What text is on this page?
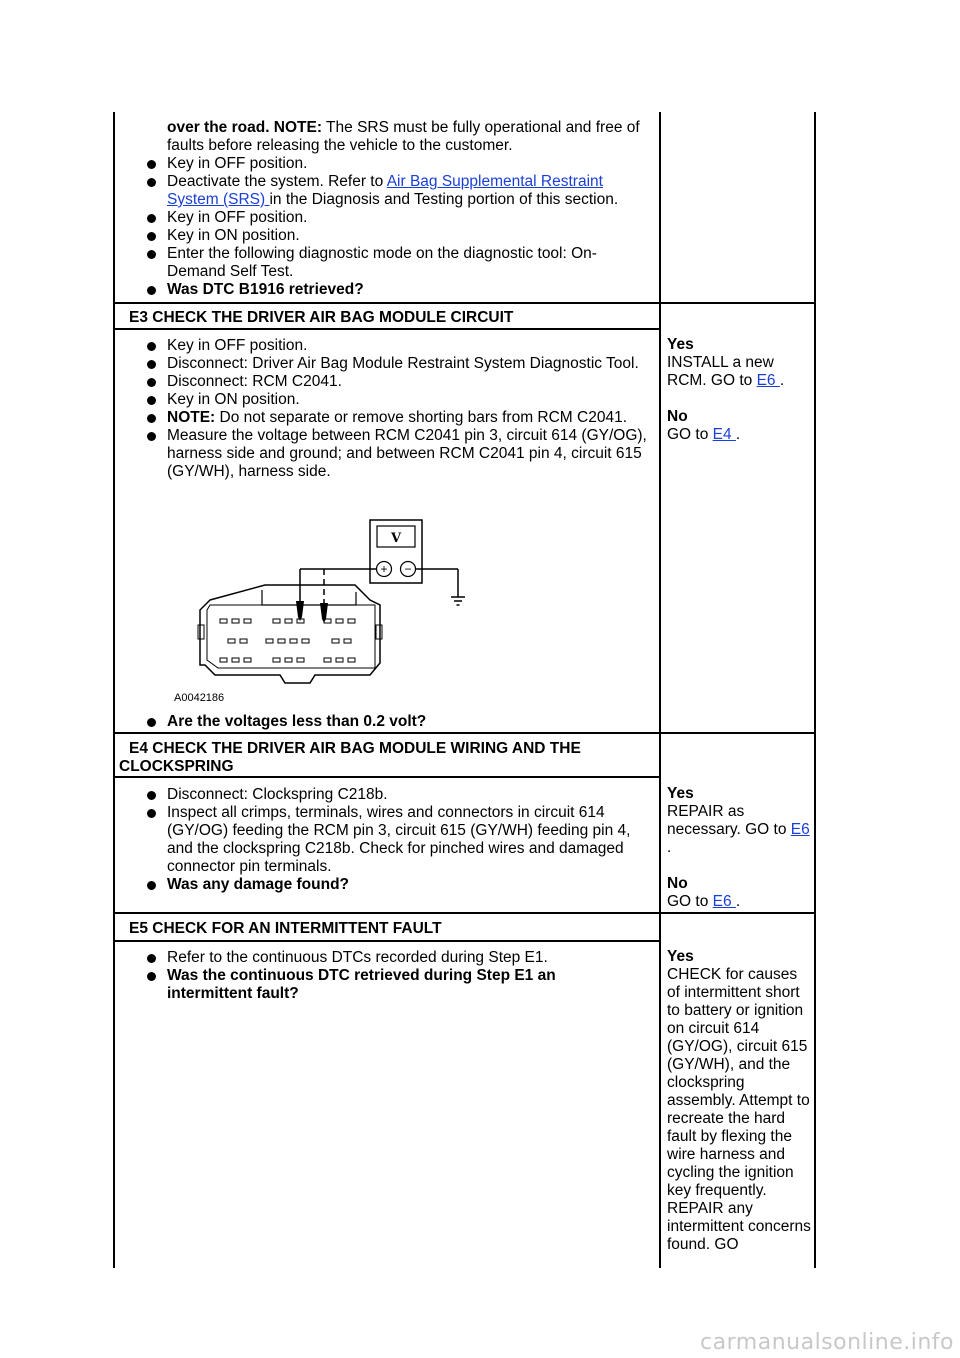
over the road. NOTE: The SRS must be fully operational and free of faults before releasing the vehicle to the customer.
Key in OFF position.
Deactivate the system. Refer to Air Bag Supplemental Restraint System (SRS) in the Diagnosis and Testing portion of this section.
Key in OFF position.
Key in ON position.
Enter the following diagnostic mode on the diagnostic tool: On-Demand Self Test.
Was DTC B1916 retrieved?
E3 CHECK THE DRIVER AIR BAG MODULE CIRCUIT
Key in OFF position.
Disconnect: Driver Air Bag Module Restraint System Diagnostic Tool.
Disconnect: RCM C2041.
Key in ON position.
NOTE: Do not separate or remove shorting bars from RCM C2041.
Measure the voltage between RCM C2041 pin 3, circuit 614 (GY/OG), harness side and ground; and between RCM C2041 pin 4, circuit 615 (GY/WH), harness side.
V
+ −
A0042186
Are the voltages less than 0.2 volt?

Yes

INSTALL a new RCM. GO to E6 .

No

GO to E4 .

E4 CHECK THE DRIVER AIR BAG MODULE WIRING AND THE CLOCKSPRING
Disconnect: Clockspring C218b.
Inspect all crimps, terminals, wires and connectors in circuit 614 (GY/OG) feeding the RCM pin 3, circuit 615 (GY/WH) feeding pin 4, and the clockspring C218b. Check for pinched wires and damaged connector pin terminals.
Was any damage found?

Yes

REPAIR as necessary. GO to E6 .

No

GO to E6 .

E5 CHECK FOR AN INTERMITTENT FAULT
Refer to the continuous DTCs recorded during Step E1.
Was the continuous DTC retrieved during Step E1 an intermittent fault?

Yes

CHECK for causes of intermittent short to battery or ignition on circuit 614 (GY/OG), circuit 615 (GY/WH), and the clockspring assembly. Attempt to recreate the hard fault by flexing the wire harness and cycling the ignition key frequently. REPAIR any intermittent concerns found. GO

carmanualsonline.info
